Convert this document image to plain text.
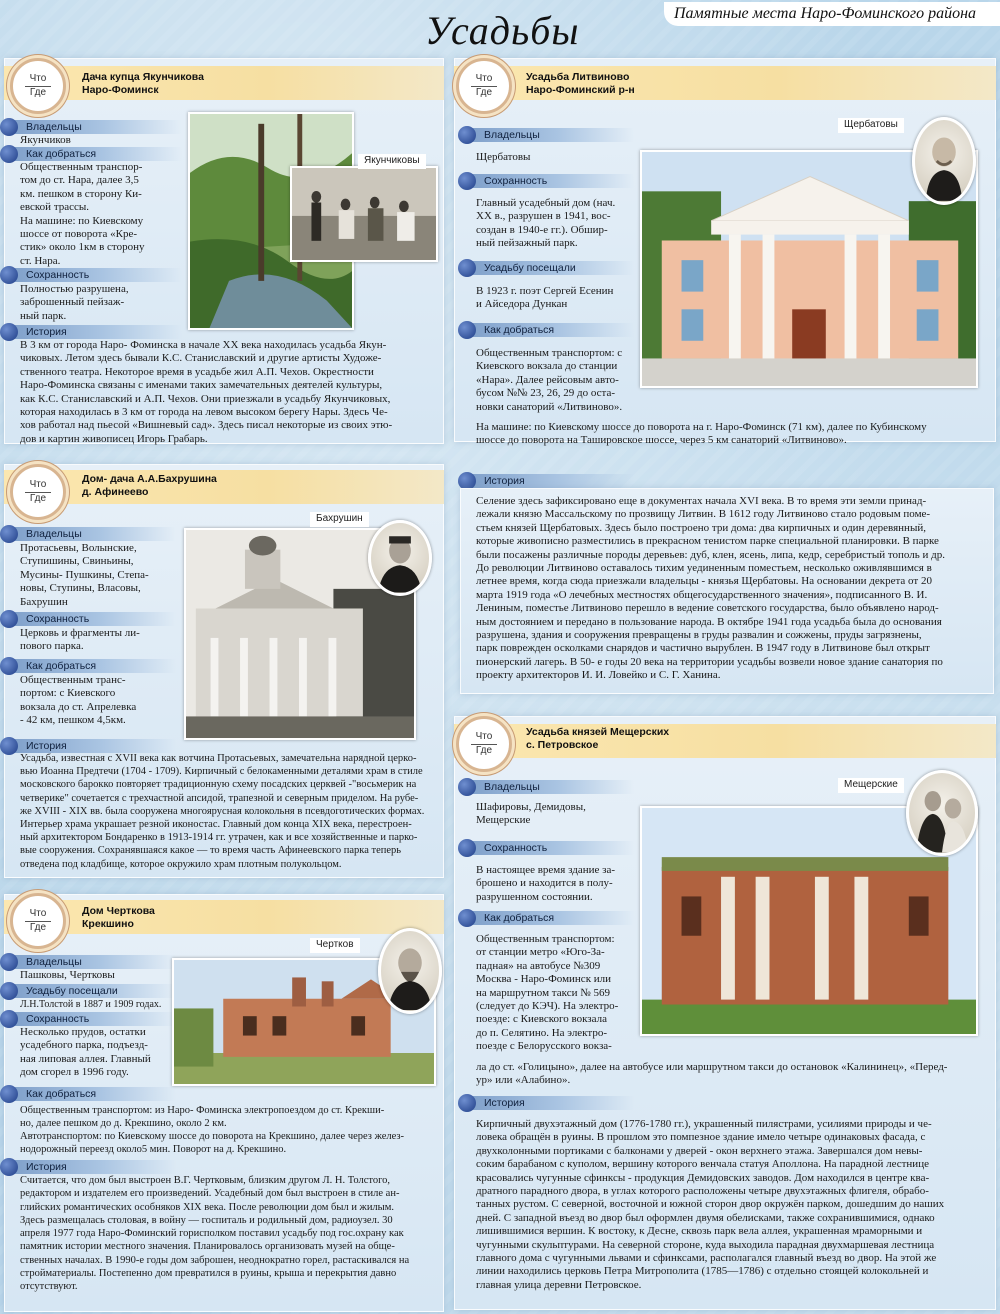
Усадьбы	Памятные места Наро-Фоминского района
Что
Где
Дача купца Якунчикова
Наро-Фоминск
Владельцы
Якунчиков
Как добраться

Общественным транспор-

том до ст. Нара, далее 3,5

км. пешком в сторону Ки-

евской трассы.

На машине: по Киевскому

шоссе от поворота «Кре-

стик» около 1км в сторону

ст. Нара.

Сохранность

Полностью разрушена,

заброшенный пейзаж-

ный парк.

История

В 3 км от города Наро- Фоминска в начале XX века находилась усадьба Якун-

чиковых. Летом здесь бывали К.С. Станиславский и другие артисты Художе-

ственного театра. Некоторое время в усадьбе жил А.П. Чехов. Окрестности

Наро-Фоминска связаны с именами таких замечательных деятелей культуры,

как К.С. Станиславский и А.П. Чехов. Они приезжали в усадьбу Якунчиковых,

которая находилась в 3 км от города на левом высоком берегу Нары. Здесь Че-

хов работал над пьесой «Вишневый сад». Здесь писал некоторые из своих этю-

дов и картин живописец Игорь Грабарь.

Якунчиковы
Что
Где
Усадьба Литвиново
Наро-Фоминский р-н
Владельцы
Щербатовы
Сохранность

Главный усадебный дом (нач.

XX в., разрушен в 1941, вос-

создан в 1940-е гг.). Обшир-

ный пейзажный парк.

Усадьбу посещали

В 1923 г. поэт Сергей Есенин

и Айседора Дункан

Как добраться

Общественным транспортом: с

Киевского вокзала до станции

«Нара». Далее рейсовым авто-

бусом №№ 23, 26, 29 до оста-

новки санаторий «Литвиново».

На машине: по Киевскому шоссе до поворота на г. Наро-Фоминск (71 км), далее по Кубинскому

шоссе до поворота на Ташировское шоссе, через 5 км санаторий «Литвиново».

Щербатовы
История

Селение здесь зафиксировано еще в документах начала XVI века. В то время эти земли принад-

лежали князю Массальскому по прозвищу Литвин. В 1612 году Литвиново стало родовым поме-

стьем князей Щербатовых. Здесь было построено три дома: два кирпичных и один деревянный,

которые живописно разместились в прекрасном тенистом парке специальной планировки. В парке

были посажены различные породы деревьев: дуб, клен, ясень, липа, кедр, серебристый тополь и др.

До революции Литвиново оставалось тихим уединенным поместьем, несколько оживлявшимся в

летнее время, когда сюда приезжали владельцы - князья Щербатовы. На основании декрета от 20

марта 1919 года «О лечебных местностях общегосударственного значения», подписанного В. И.

Лениным, поместье Литвиново перешло в ведение советского государства, было объявлено народ-

ным достоянием и передано в пользование народа. В октябре 1941 года усадьба была до основания

разрушена, здания и сооружения превращены в груды развалин и сожжены, пруды загрязнены,

парк поврежден осколками снарядов и частично вырублен. В 1947 году в Литвинове был открыт

пионерский лагерь. В 50- е годы 20 века на территории усадьбы возвели новое здание санатория по

проекту архитекторов И. И. Ловейко и С. Г. Ханина.

Что
Где
Дом- дача А.А.Бахрушина
д. Афинеево
Владельцы

Протасьевы, Волынские,

Ступишины, Свиньины,

Мусины- Пушкины, Степа-

новы, Ступины, Власовы,

Бахрушин

Сохранность

Церковь и фрагменты ли-

пового парка.

Как добраться

Общественным транс-

портом: с Киевского

вокзала до ст. Апрелевка

- 42 км, пешком 4,5км.

История

Усадьба, известная с XVII века как вотчина Протасьевых, замечательна нарядной церко-

вью Иоанна Предтечи (1704 - 1709). Кирпичный с белокаменными деталями храм в стиле

московского барокко повторяет традиционную схему посадских церквей -"восьмерик на

четверике" сочетается с трехчастной апсидой, трапезной и северным приделом. На рубе-

же XVIII - XIX вв. была сооружена многоярусная колокольня в псевдоготических формах.

Интерьер храма украшает резной иконостас. Главный дом конца XIX века, перестроен-

ный архитектором Бондаренко в 1913-1914 гг. утрачен, как и все хозяйственные и парко-

вые сооружения. Сохранявшаяся какое — то время часть Афинеевского парка теперь

отведена под кладбище, которое окружило храм плотным полукольцом.

Бахрушин
Что
Где
Усадьба князей Мещерских
с. Петровское
Владельцы

Шафировы, Демидовы,

Мещерские

Сохранность

В настоящее время здание за-

брошено и находится в полу-

разрушенном состоянии.

Как добраться

Общественным транспортом:

от станции метро «Юго-За-

падная» на автобусе №309

Москва - Наро-Фоминск или

на маршрутном такси № 569

(следует до КЭЧ). На электро-

поезде: с Киевского вокзала

до п. Селятино. На электро-

поезде с Белорусского вокза-

ла до ст. «Голицыно», далее на автобусе или маршрутном такси до остановок «Калининец», «Перед-

ур» или «Алабино».

Мещерские
История

Кирпичный двухэтажный дом (1776-1780 гг.), украшенный пилястрами, усилиями природы и че-

ловека обращён в руины. В прошлом это помпезное здание имело четыре одинаковых фасада, с

двухколонными портиками с балконами у дверей - окон верхнего этажа. Завершался дом невы-

соким барабаном с куполом, вершину которого венчала статуя Аполлона. На парадной лестнице

красовались чугунные сфинксы - продукция Демидовских заводов. Дом находился в центре ква-

дратного парадного двора, в углах которого расположены четыре двухэтажных флигеля, обрабо-

танных рустом. С северной, восточной и южной сторон двор окружён парком, дошедшим до наших

дней. С западной въезд во двор был оформлен двумя обелисками, также сохранившимися, однако

лишившимися вершин. К востоку, к Десне, сквозь парк вела аллея, украшенная мраморными и

чугунными скульптурами. На северной стороне, куда выходила парадная двухмаршевая лестница

главного дома с чугунными львами и сфинксами, располагался главный въезд во двор. На этой же

линии находились церковь Петра Митрополита (1785—1786) с отдельно стоящей колокольней и

главная улица деревни Петровское.

Что
Где
Дом Черткова
Крекшино
Владельцы
Пашковы, Чертковы
Усадьбу посещали
Л.Н.Толстой в 1887 и 1909 годах.
Сохранность

Несколько прудов, остатки

усадебного парка, подъезд-

ная липовая аллея. Главный

дом сгорел в 1996 году.

Как добраться

Общественным транспортом: из Наро- Фоминска электропоездом до ст. Крекши-

но, далее пешком до д. Крекшино, около 2 км.

Автотранспортом: по Киевскому шоссе до поворота на Крекшино, далее через желез-

нодорожный переезд около5 мин. Поворот на д. Крекшино.

История

Считается, что дом был выстроен В.Г. Чертковым, близким другом Л. Н. Толстого,

редактором и издателем его произведений. Усадебный дом был выстроен в стиле ан-

глийских романтических особняков XIX века. После революции дом был и жилым.

Здесь размещалась столовая, в войну — госпиталь и родильный дом, радиоузел. 30

апреля 1977 года Наро-Фоминский горисполком поставил усадьбу под гос.охрану как

памятник истории местного значения. Планировалось организовать музей на обще-

ственных началах. В 1990-е годы дом заброшен, неоднократно горел, растаскивался на

стройматериалы. Постепенно дом превратился в руины, крыша и перекрытия давно

отсутствуют.

Чертков
